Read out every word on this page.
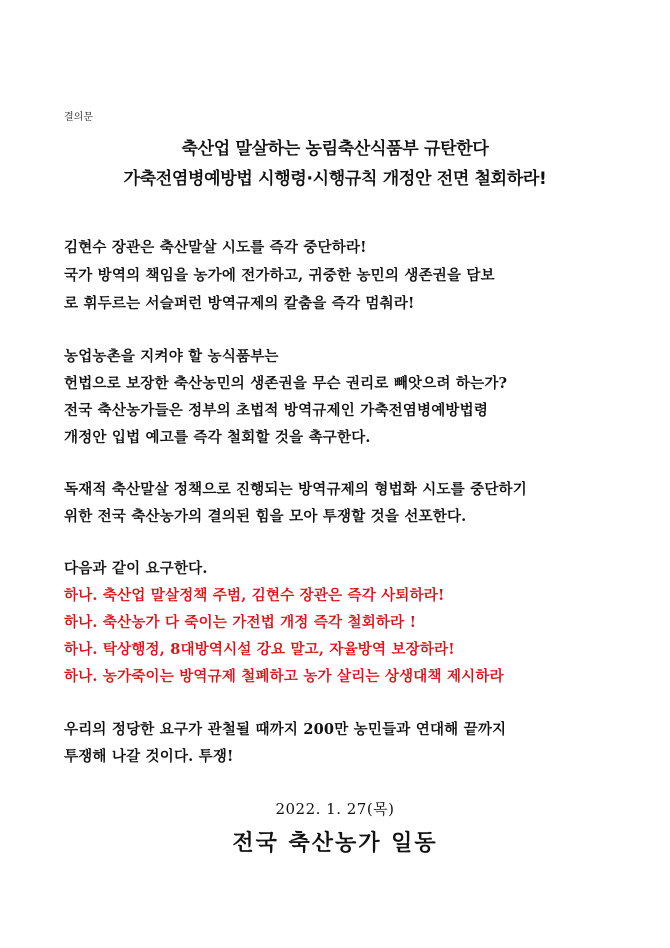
결의문
축산업 말살하는 농림축산식품부 규탄한다
가축전염병예방법 시행령·시행규칙 개정안 전면 철회하라!
김현수 장관은 축산말살 시도를 즉각 중단하라!
국가 방역의 책임을 농가에 전가하고, 귀중한 농민의 생존권을 담보
로 휘두르는 서슬퍼런 방역규제의 칼춤을 즉각 멈춰라!
농업농촌을 지켜야 할 농식품부는
헌법으로 보장한 축산농민의 생존권을 무슨 권리로 빼앗으려 하는가?
전국 축산농가들은 정부의 초법적 방역규제인 가축전염병예방법령
개정안 입법 예고를 즉각 철회할 것을 촉구한다.
독재적 축산말살 정책으로 진행되는 방역규제의 형법화 시도를 중단하기
위한 전국 축산농가의 결의된 힘을 모아 투쟁할 것을 선포한다.
다음과 같이 요구한다.
하나. 축산업 말살정책 주범, 김현수 장관은 즉각 사퇴하라!
하나. 축산농가 다 죽이는 가전법 개정 즉각 철회하라 !
하나. 탁상행정, 8대방역시설 강요 말고, 자율방역 보장하라!
하나. 농가죽이는 방역규제 철폐하고 농가 살리는 상생대책 제시하라
우리의 정당한 요구가 관철될 때까지 200만 농민들과 연대해 끝까지
투쟁해 나갈 것이다. 투쟁!
2022. 1. 27(목)
전국 축산농가 일동
